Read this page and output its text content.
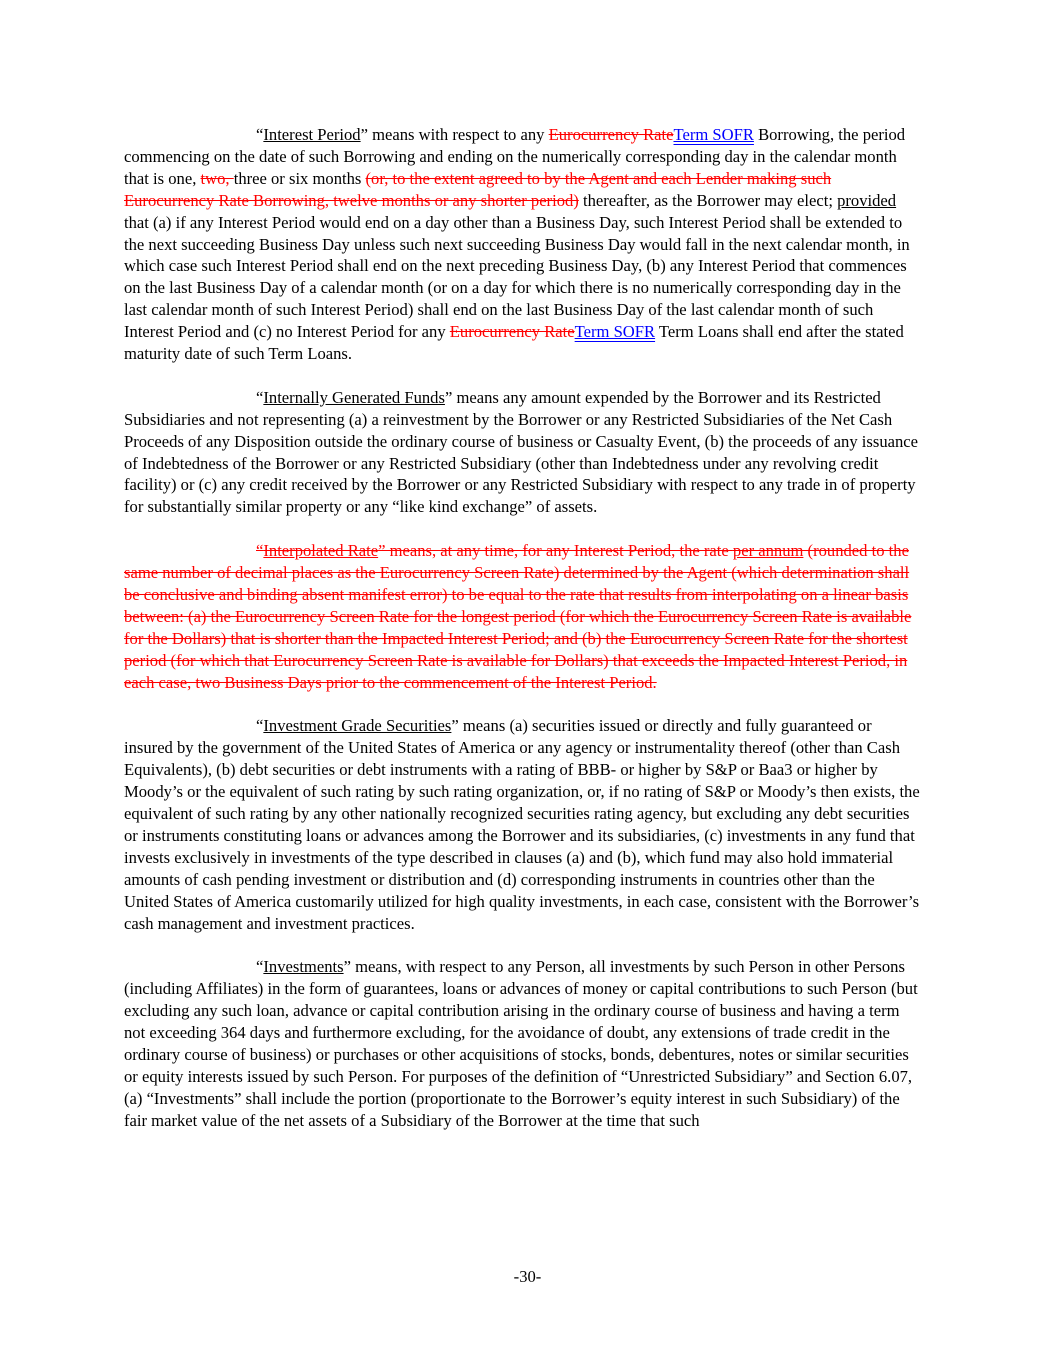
“Interest Period” means with respect to any Eurocurrency RateTerm SOFR Borrowing, the period commencing on the date of such Borrowing and ending on the numerically corresponding day in the calendar month that is one, two, three or six months (or, to the extent agreed to by the Agent and each Lender making such Eurocurrency Rate Borrowing, twelve months or any shorter period) thereafter, as the Borrower may elect; provided that (a) if any Interest Period would end on a day other than a Business Day, such Interest Period shall be extended to the next succeeding Business Day unless such next succeeding Business Day would fall in the next calendar month, in which case such Interest Period shall end on the next preceding Business Day, (b) any Interest Period that commences on the last Business Day of a calendar month (or on a day for which there is no numerically corresponding day in the last calendar month of such Interest Period) shall end on the last Business Day of the last calendar month of such Interest Period and (c) no Interest Period for any Eurocurrency RateTerm SOFR Term Loans shall end after the stated maturity date of such Term Loans.

“Internally Generated Funds” means any amount expended by the Borrower and its Restricted Subsidiaries and not representing (a) a reinvestment by the Borrower or any Restricted Subsidiaries of the Net Cash Proceeds of any Disposition outside the ordinary course of business or Casualty Event, (b) the proceeds of any issuance of Indebtedness of the Borrower or any Restricted Subsidiary (other than Indebtedness under any revolving credit facility) or (c) any credit received by the Borrower or any Restricted Subsidiary with respect to any trade in of property for substantially similar property or any “like kind exchange” of assets.

“Interpolated Rate” means, at any time, for any Interest Period, the rate per annum (rounded to the same number of decimal places as the Eurocurrency Screen Rate) determined by the Agent (which determination shall be conclusive and binding absent manifest error) to be equal to the rate that results from interpolating on a linear basis between: (a) the Eurocurrency Screen Rate for the longest period (for which the Eurocurrency Screen Rate is available for the Dollars) that is shorter than the Impacted Interest Period; and (b) the Eurocurrency Screen Rate for the shortest period (for which that Eurocurrency Screen Rate is available for Dollars) that exceeds the Impacted Interest Period, in each case, two Business Days prior to the commencement of the Interest Period.

“Investment Grade Securities” means (a) securities issued or directly and fully guaranteed or insured by the government of the United States of America or any agency or instrumentality thereof (other than Cash Equivalents), (b) debt securities or debt instruments with a rating of BBB- or higher by S&P or Baa3 or higher by Moody’s or the equivalent of such rating by such rating organization, or, if no rating of S&P or Moody’s then exists, the equivalent of such rating by any other nationally recognized securities rating agency, but excluding any debt securities or instruments constituting loans or advances among the Borrower and its subsidiaries, (c) investments in any fund that invests exclusively in investments of the type described in clauses (a) and (b), which fund may also hold immaterial amounts of cash pending investment or distribution and (d) corresponding instruments in countries other than the United States of America customarily utilized for high quality investments, in each case, consistent with the Borrower’s cash management and investment practices.

“Investments” means, with respect to any Person, all investments by such Person in other Persons (including Affiliates) in the form of guarantees, loans or advances of money or capital contributions to such Person (but excluding any such loan, advance or capital contribution arising in the ordinary course of business and having a term not exceeding 364 days and furthermore excluding, for the avoidance of doubt, any extensions of trade credit in the ordinary course of business) or purchases or other acquisitions of stocks, bonds, debentures, notes or similar securities or equity interests issued by such Person. For purposes of the definition of “Unrestricted Subsidiary” and Section 6.07, (a) “Investments” shall include the portion (proportionate to the Borrower’s equity interest in such Subsidiary) of the fair market value of the net assets of a Subsidiary of the Borrower at the time that such

-30-
